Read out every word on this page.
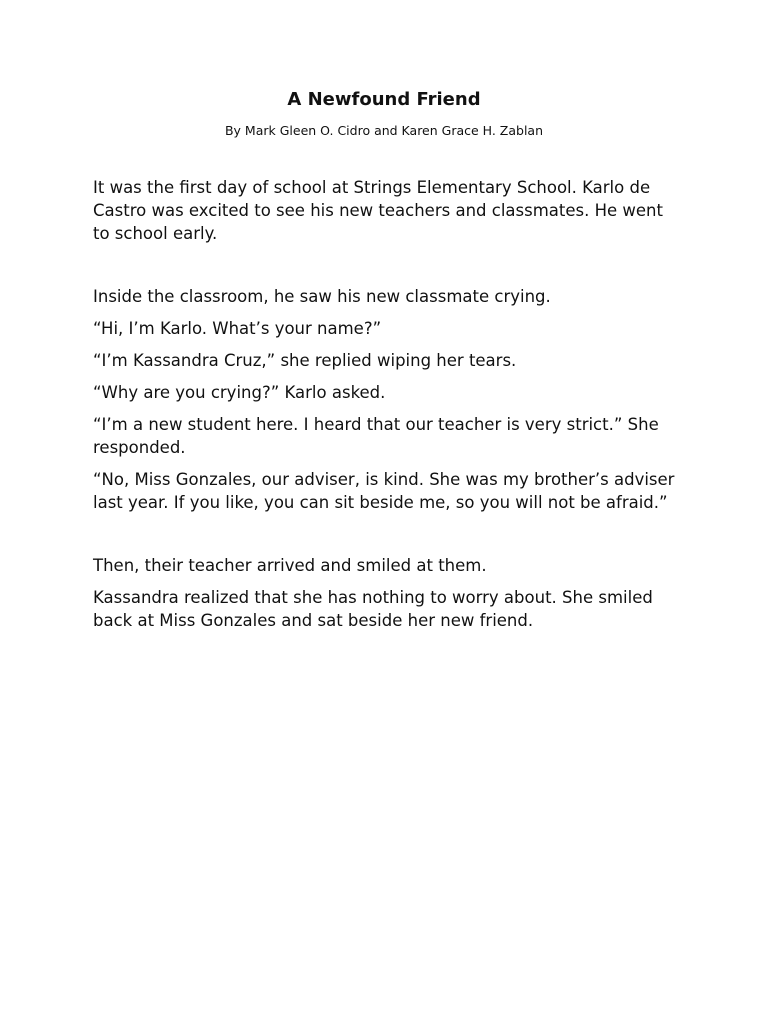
A Newfound Friend

By Mark Gleen O. Cidro and Karen Grace H. Zablan

It was the first day of school at Strings Elementary School. Karlo de Castro was excited to see his new teachers and classmates. He went to school early.

Inside the classroom, he saw his new classmate crying.

“Hi, I’m Karlo. What’s your name?”

“I’m Kassandra Cruz,” she replied wiping her tears.

“Why are you crying?” Karlo asked.

“I’m a new student here. I heard that our teacher is very strict.” She responded.

“No, Miss Gonzales, our adviser, is kind. She was my brother’s adviser last year. If you like, you can sit beside me, so you will not be afraid.”

Then, their teacher arrived and smiled at them.

Kassandra realized that she has nothing to worry about. She smiled back at Miss Gonzales and sat beside her new friend.
